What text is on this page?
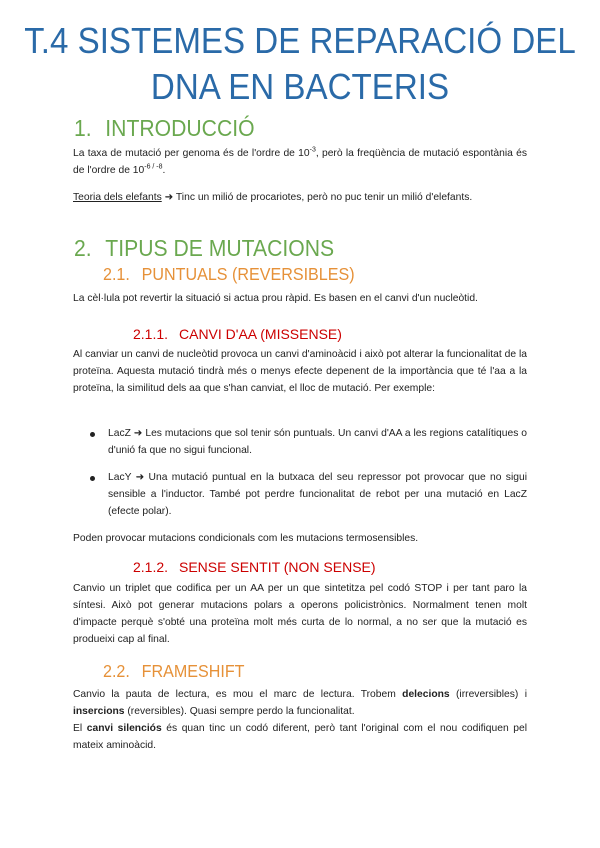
T.4 SISTEMES DE REPARACIÓ DEL
DNA EN BACTERIS
1. INTRODUCCIÓ

La taxa de mutació per genoma és de l'ordre de $10^{-3}$, però la freqüència de mutació espontània és de l'ordre de $10^{-6 / -8}$.

Teoria dels elefants ➜ Tinc un milió de procariotes, però no puc tenir un milió d'elefants.

2. TIPUS DE MUTACIONS
2.1. PUNTUALS (REVERSIBLES)

La cèl·lula pot revertir la situació si actua prou ràpid. Es basen en el canvi d'un nucleòtid.

2.1.1. CANVI D'AA (MISSENSE)

Al canviar un canvi de nucleòtid provoca un canvi d'aminoàcid i això pot alterar la funcionalitat de la proteïna. Aquesta mutació tindrà més o menys efecte depenent de la importància que té l'aa a la proteïna, la similitud dels aa que s'han canviat, el lloc de mutació. Per exemple:

LacZ ➜ Les mutacions que sol tenir són puntuals. Un canvi d'AA a les regions catalítiques o d'unió fa que no sigui funcional.

LacY ➜ Una mutació puntual en la butxaca del seu repressor pot provocar que no sigui sensible a l'inductor. També pot perdre funcionalitat de rebot per una mutació en LacZ (efecte polar).

Poden provocar mutacions condicionals com les mutacions termosensibles.

2.1.2. SENSE SENTIT (NON SENSE)

Canvio un triplet que codifica per un AA per un que sintetitza pel codó STOP i per tant paro la síntesi. Això pot generar mutacions polars a operons policistrònics. Normalment tenen molt d'impacte perquè s'obté una proteïna molt més curta de lo normal, a no ser que la mutació es produeixi cap al final.

2.2. FRAMESHIFT

Canvio la pauta de lectura, es mou el marc de lectura. Trobem delecions (irreversibles) i insercions (reversibles). Quasi sempre perdo la funcionalitat.

El canvi silenciós és quan tinc un codó diferent, però tant l'original com el nou codifiquen pel mateix aminoàcid.
